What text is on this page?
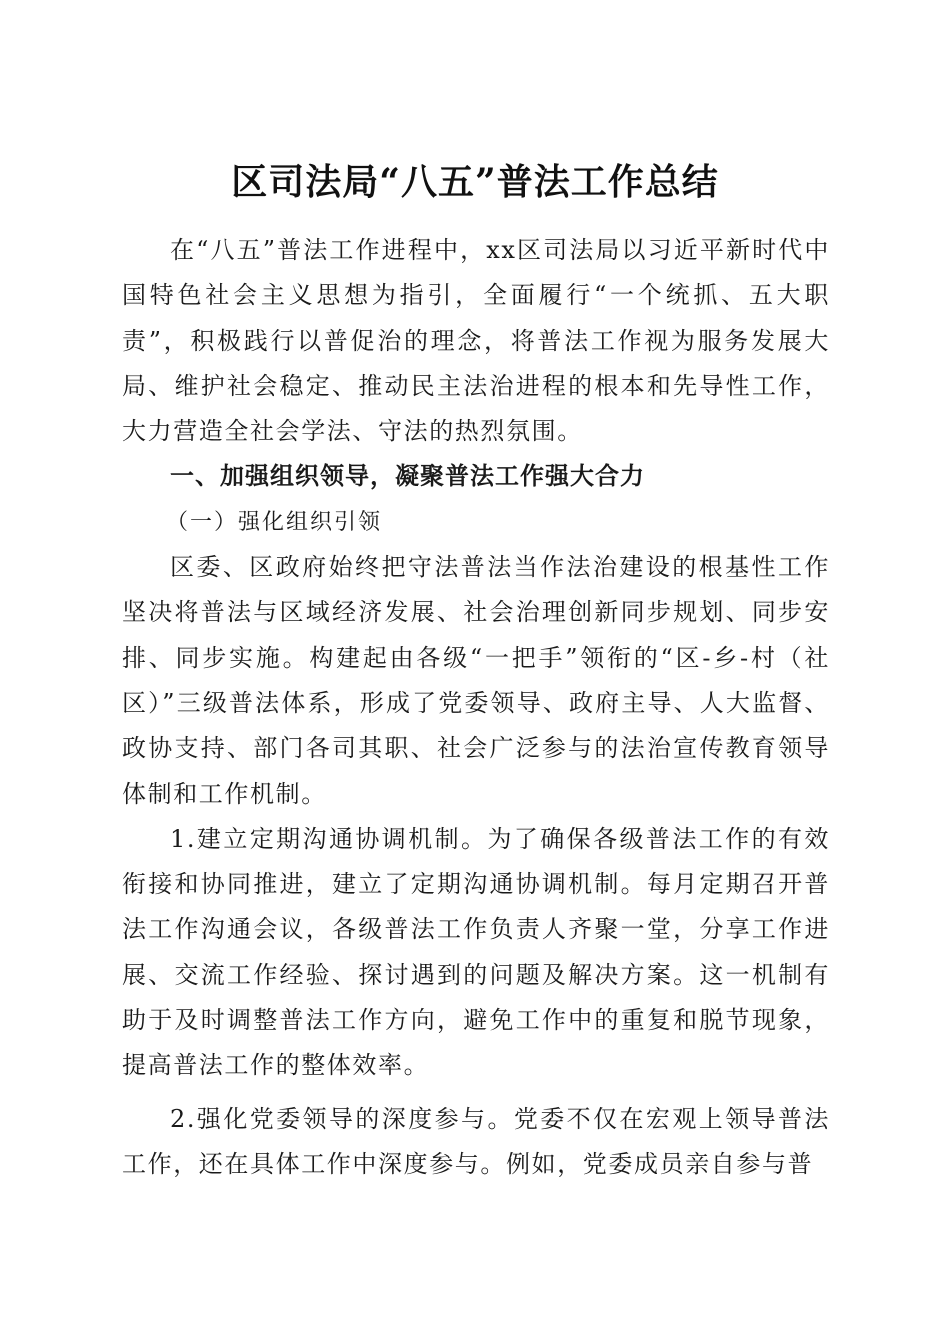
区司法局“八五”普法工作总结

在“八五”普法工作进程中，xx区司法局以习近平新时代中国特色社会主义思想为指引，全面履行“一个统抓、五大职责”，积极践行以普促治的理念，将普法工作视为服务发展大局、维护社会稳定、推动民主法治进程的根本和先导性工作，大力营造全社会学法、守法的热烈氛围。

一、加强组织领导，凝聚普法工作强大合力

（一）强化组织引领

区委、区政府始终把守法普法当作法治建设的根基性工作坚决将普法与区域经济发展、社会治理创新同步规划、同步安排、同步实施。构建起由各级“一把手”领衔的“区-乡-村（社区）”三级普法体系，形成了党委领导、政府主导、人大监督、政协支持、部门各司其职、社会广泛参与的法治宣传教育领导体制和工作机制。

1.建立定期沟通协调机制。为了确保各级普法工作的有效衔接和协同推进，建立了定期沟通协调机制。每月定期召开普法工作沟通会议，各级普法工作负责人齐聚一堂，分享工作进展、交流工作经验、探讨遇到的问题及解决方案。这一机制有助于及时调整普法工作方向，避免工作中的重复和脱节现象，提高普法工作的整体效率。

2.强化党委领导的深度参与。党委不仅在宏观上领导普法工作，还在具体工作中深度参与。例如，党委成员亲自参与普
